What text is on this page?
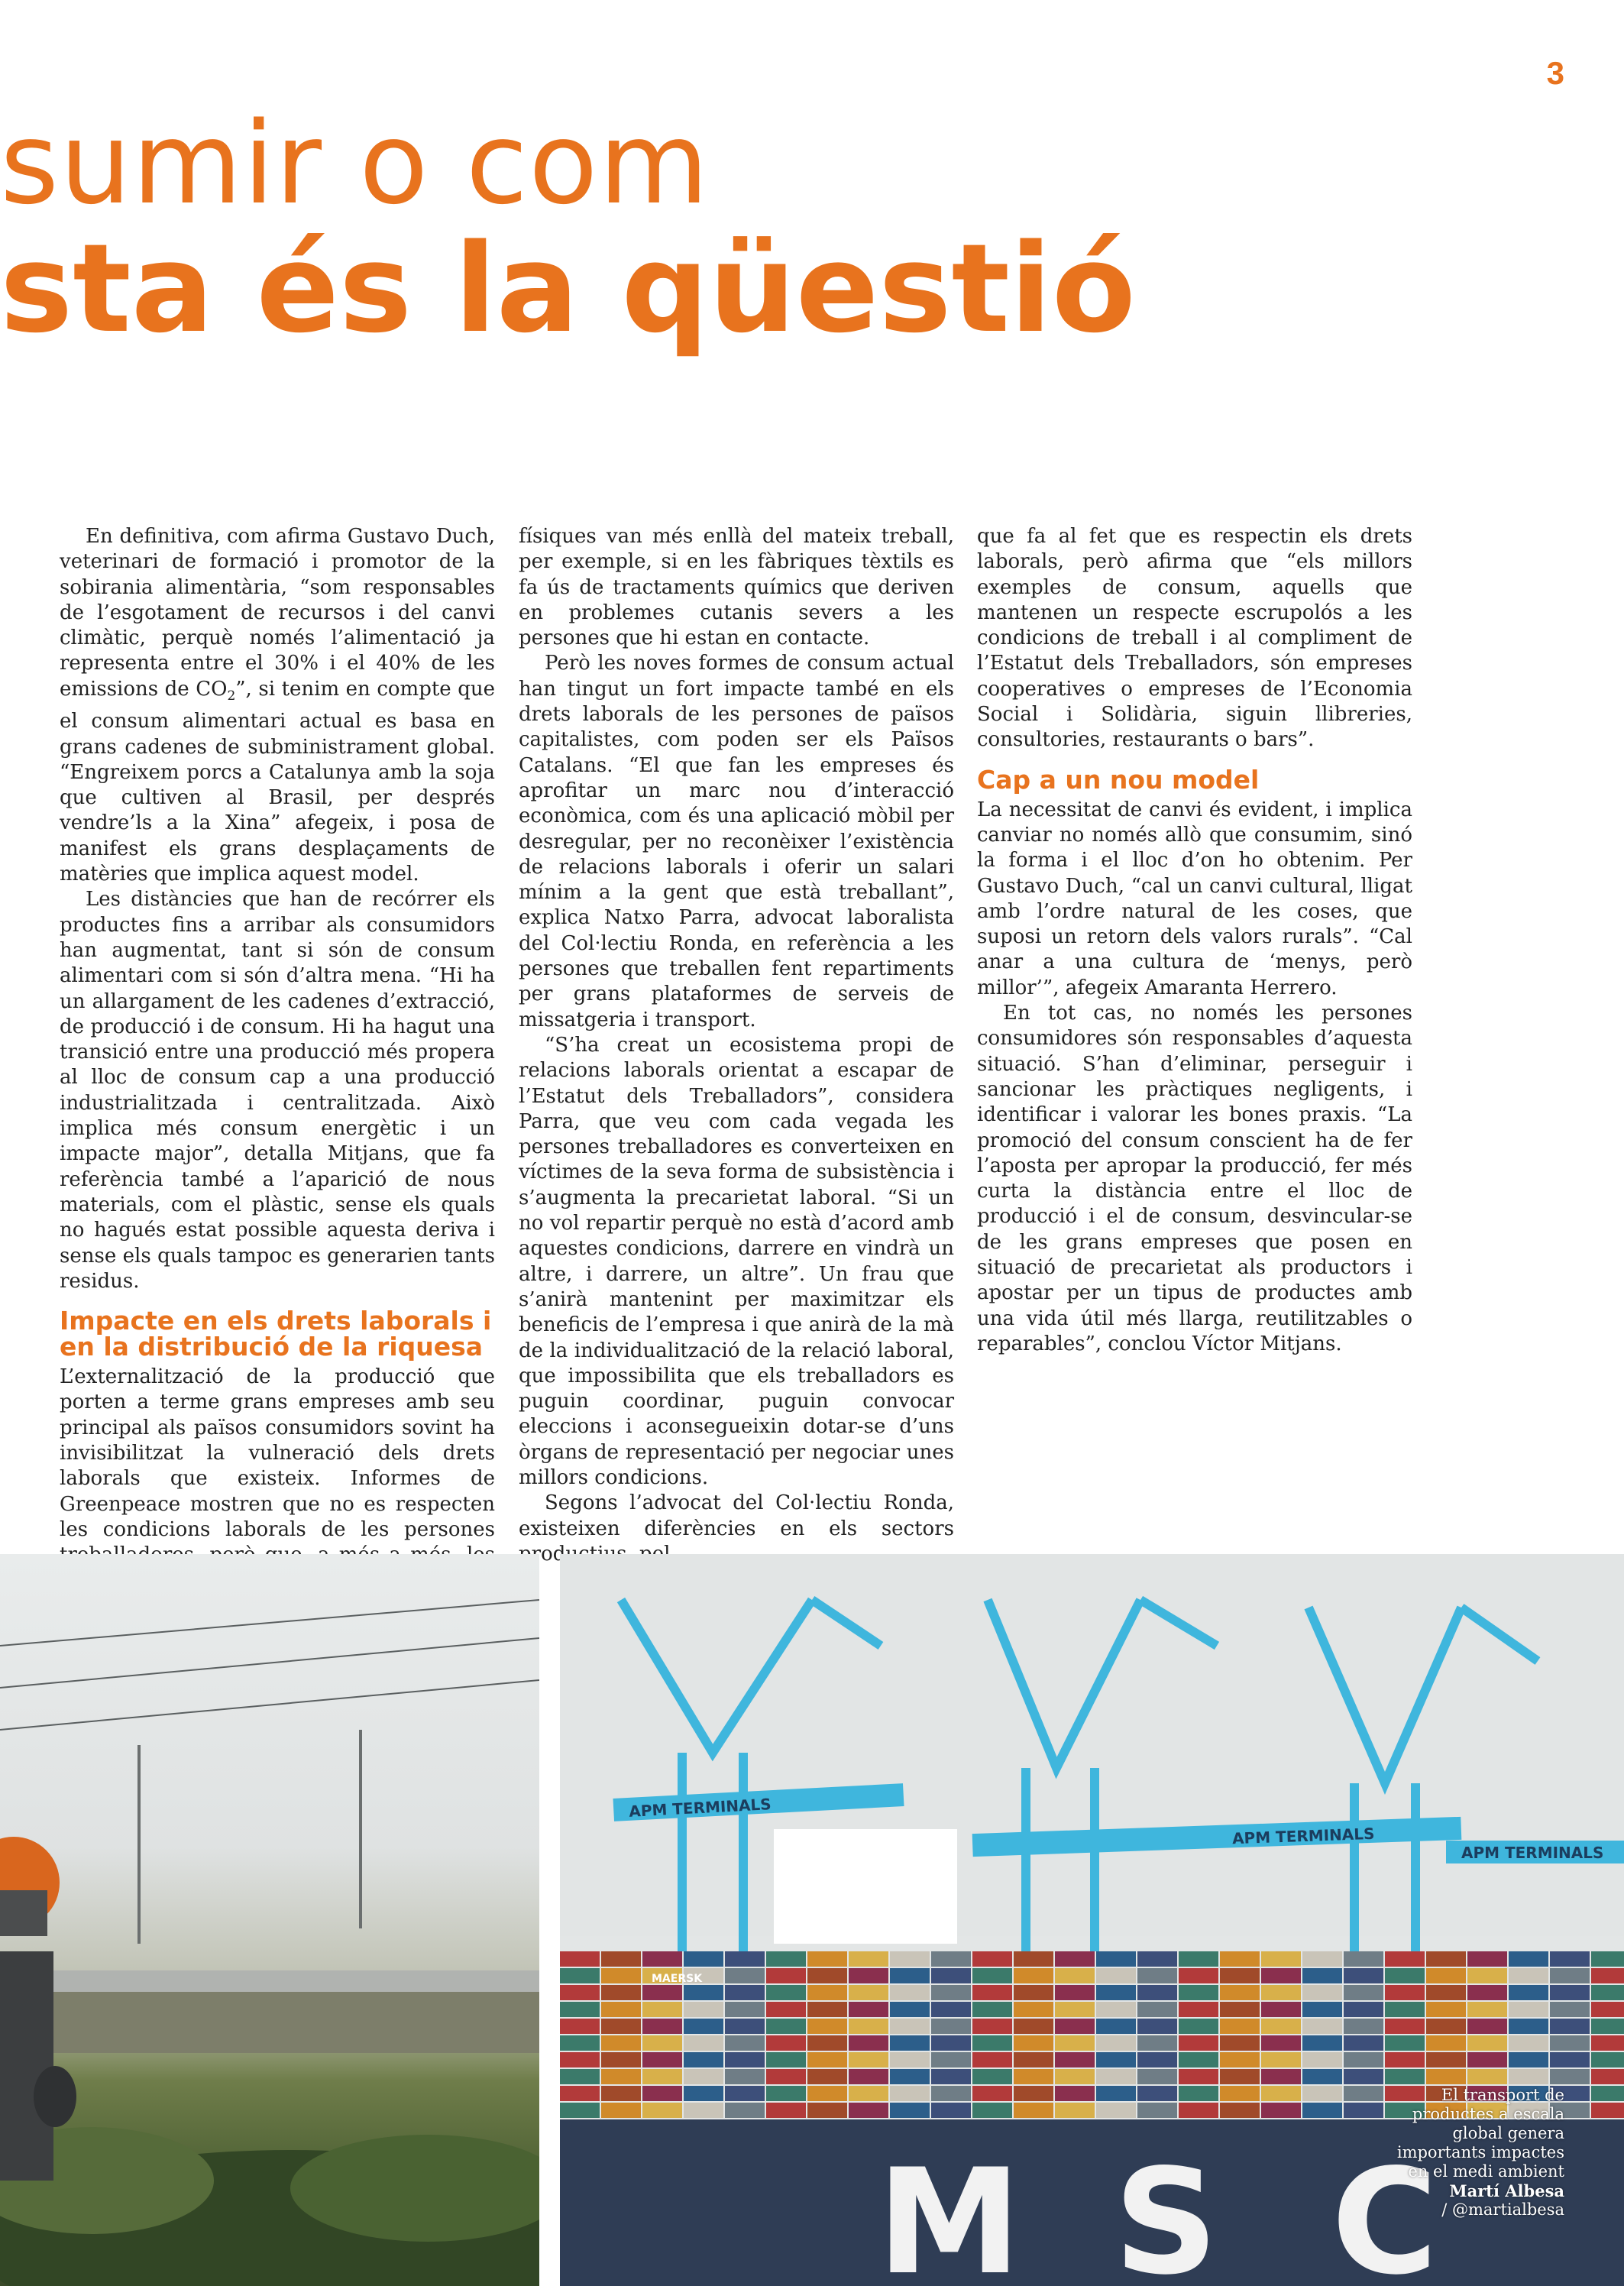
3
sumir o com
sta és la qüestió

En definitiva, com afirma Gustavo Duch, veterinari de formació i promotor de la sobirania alimentària, “som responsables de l’esgotament de recursos i del canvi climàtic, perquè només l’alimentació ja representa entre el 30% i el 40% de les emissions de $CO_2$”, si tenim en compte que el consum alimentari actual es basa en grans cadenes de subministrament global. “Engreixem porcs a Catalunya amb la soja que cultiven al Brasil, per després vendre’ls a la Xina” afegeix, i posa de manifest els grans desplaçaments de matèries que implica aquest model.

Les distàncies que han de recórrer els productes fins a arribar als consumidors han augmentat, tant si són de consum alimentari com si són d’altra mena. “Hi ha un allargament de les cadenes d’extracció, de producció i de consum. Hi ha hagut una transició entre una producció més propera al lloc de consum cap a una producció industrialitzada i centralitzada. Això implica més consum energètic i un impacte major”, detalla Mitjans, que fa referència també a l’aparició de nous materials, com el plàstic, sense els quals no hagués estat possible aquesta deriva i sense els quals tampoc es generarien tants residus.

Impacte en els drets laborals i en la distribució de la riquesa

L’externalització de la producció que porten a terme grans empreses amb seu principal als països consumidors sovint ha invisibilitzat la vulneració dels drets laborals que existeix. Informes de Greenpeace mostren que no es respecten les condicions laborals de les persones

físiques van més enllà del mateix treball, per exemple, si en les fàbriques tèxtils es fa ús de tractaments químics que deriven en problemes cutanis severs a les persones que hi estan en contacte.

Però les noves formes de consum actual han tingut un fort impacte també en els drets laborals de les persones de països capitalistes, com poden ser els Països Catalans. “El que fan les empreses és aprofitar un marc nou d’interacció econòmica, com és una aplicació mòbil per desregular, per no reconèixer l’existència de relacions laborals i oferir un salari mínim a la gent que està treballant”, explica Natxo Parra, advocat laboralista del Col·lectiu Ronda, en referència a les persones que treballen fent repartiments per grans plataformes de serveis de missatgeria i transport.

“S’ha creat un ecosistema propi de relacions laborals orientat a escapar de l’Estatut dels Treballadors”, considera Parra, que veu com cada vegada les persones treballadores es converteixen en víctimes de la seva forma de subsistència i s’augmenta la precarietat laboral. “Si un no vol repartir perquè no està d’acord amb aquestes condicions, darrere en vindrà un altre, i darrere, un altre”. Un frau que s’anirà mantenint per maximitzar els beneficis de l’empresa i que anirà de la mà de la individualització de la relació laboral, que impossibilita que els treballadors es puguin coordinar, puguin convocar eleccions i aconsegueixin dotar-se d’uns òrgans de representació per negociar unes millors condicions.

Segons l’advocat del Col·lectiu Ronda, existeixen diferències en els sectors

que fa al fet que es respectin els drets laborals, però afirma que “els millors exemples de consum, aquells que mantenen un respecte escrupolós a les condicions de treball i al compliment de l’Estatut dels Treballadors, són empreses cooperatives o empreses de l’Economia Social i Solidària, siguin llibreries, consultories, restaurants o bars”.

Cap a un nou model

La necessitat de canvi és evident, i implica canviar no només allò que consumim, sinó la forma i el lloc d’on ho obtenim. Per Gustavo Duch, “cal un canvi cultural, lligat amb l’ordre natural de les coses, que suposi un retorn dels valors rurals”. “Cal anar a una cultura de ‘menys, però millor’”, afegeix Amaranta Herrero.

En tot cas, no només les persones consumidores són responsables d’aquesta situació. S’han d’eliminar, perseguir i sancionar les pràctiques negligents, i identificar i valorar les bones praxis. “La promoció del consum conscient ha de fer l’aposta per apropar la producció, fer més curta la distància entre el lloc de producció i el de consum, desvincular-se de les grans empreses que posen en situació de precarietat als productors i apostar per un tipus de productes amb una vida útil més llarga, reutilitzables o reparables”, conclou Víctor Mitjans.

APM TERMINALS
APM TERMINALS
APM TERMINALS
MAERSK
M S C
El transport de
productes a escala
global genera
importants impactes
en el medi ambient
Martí Albesa
/ @martialbesa
